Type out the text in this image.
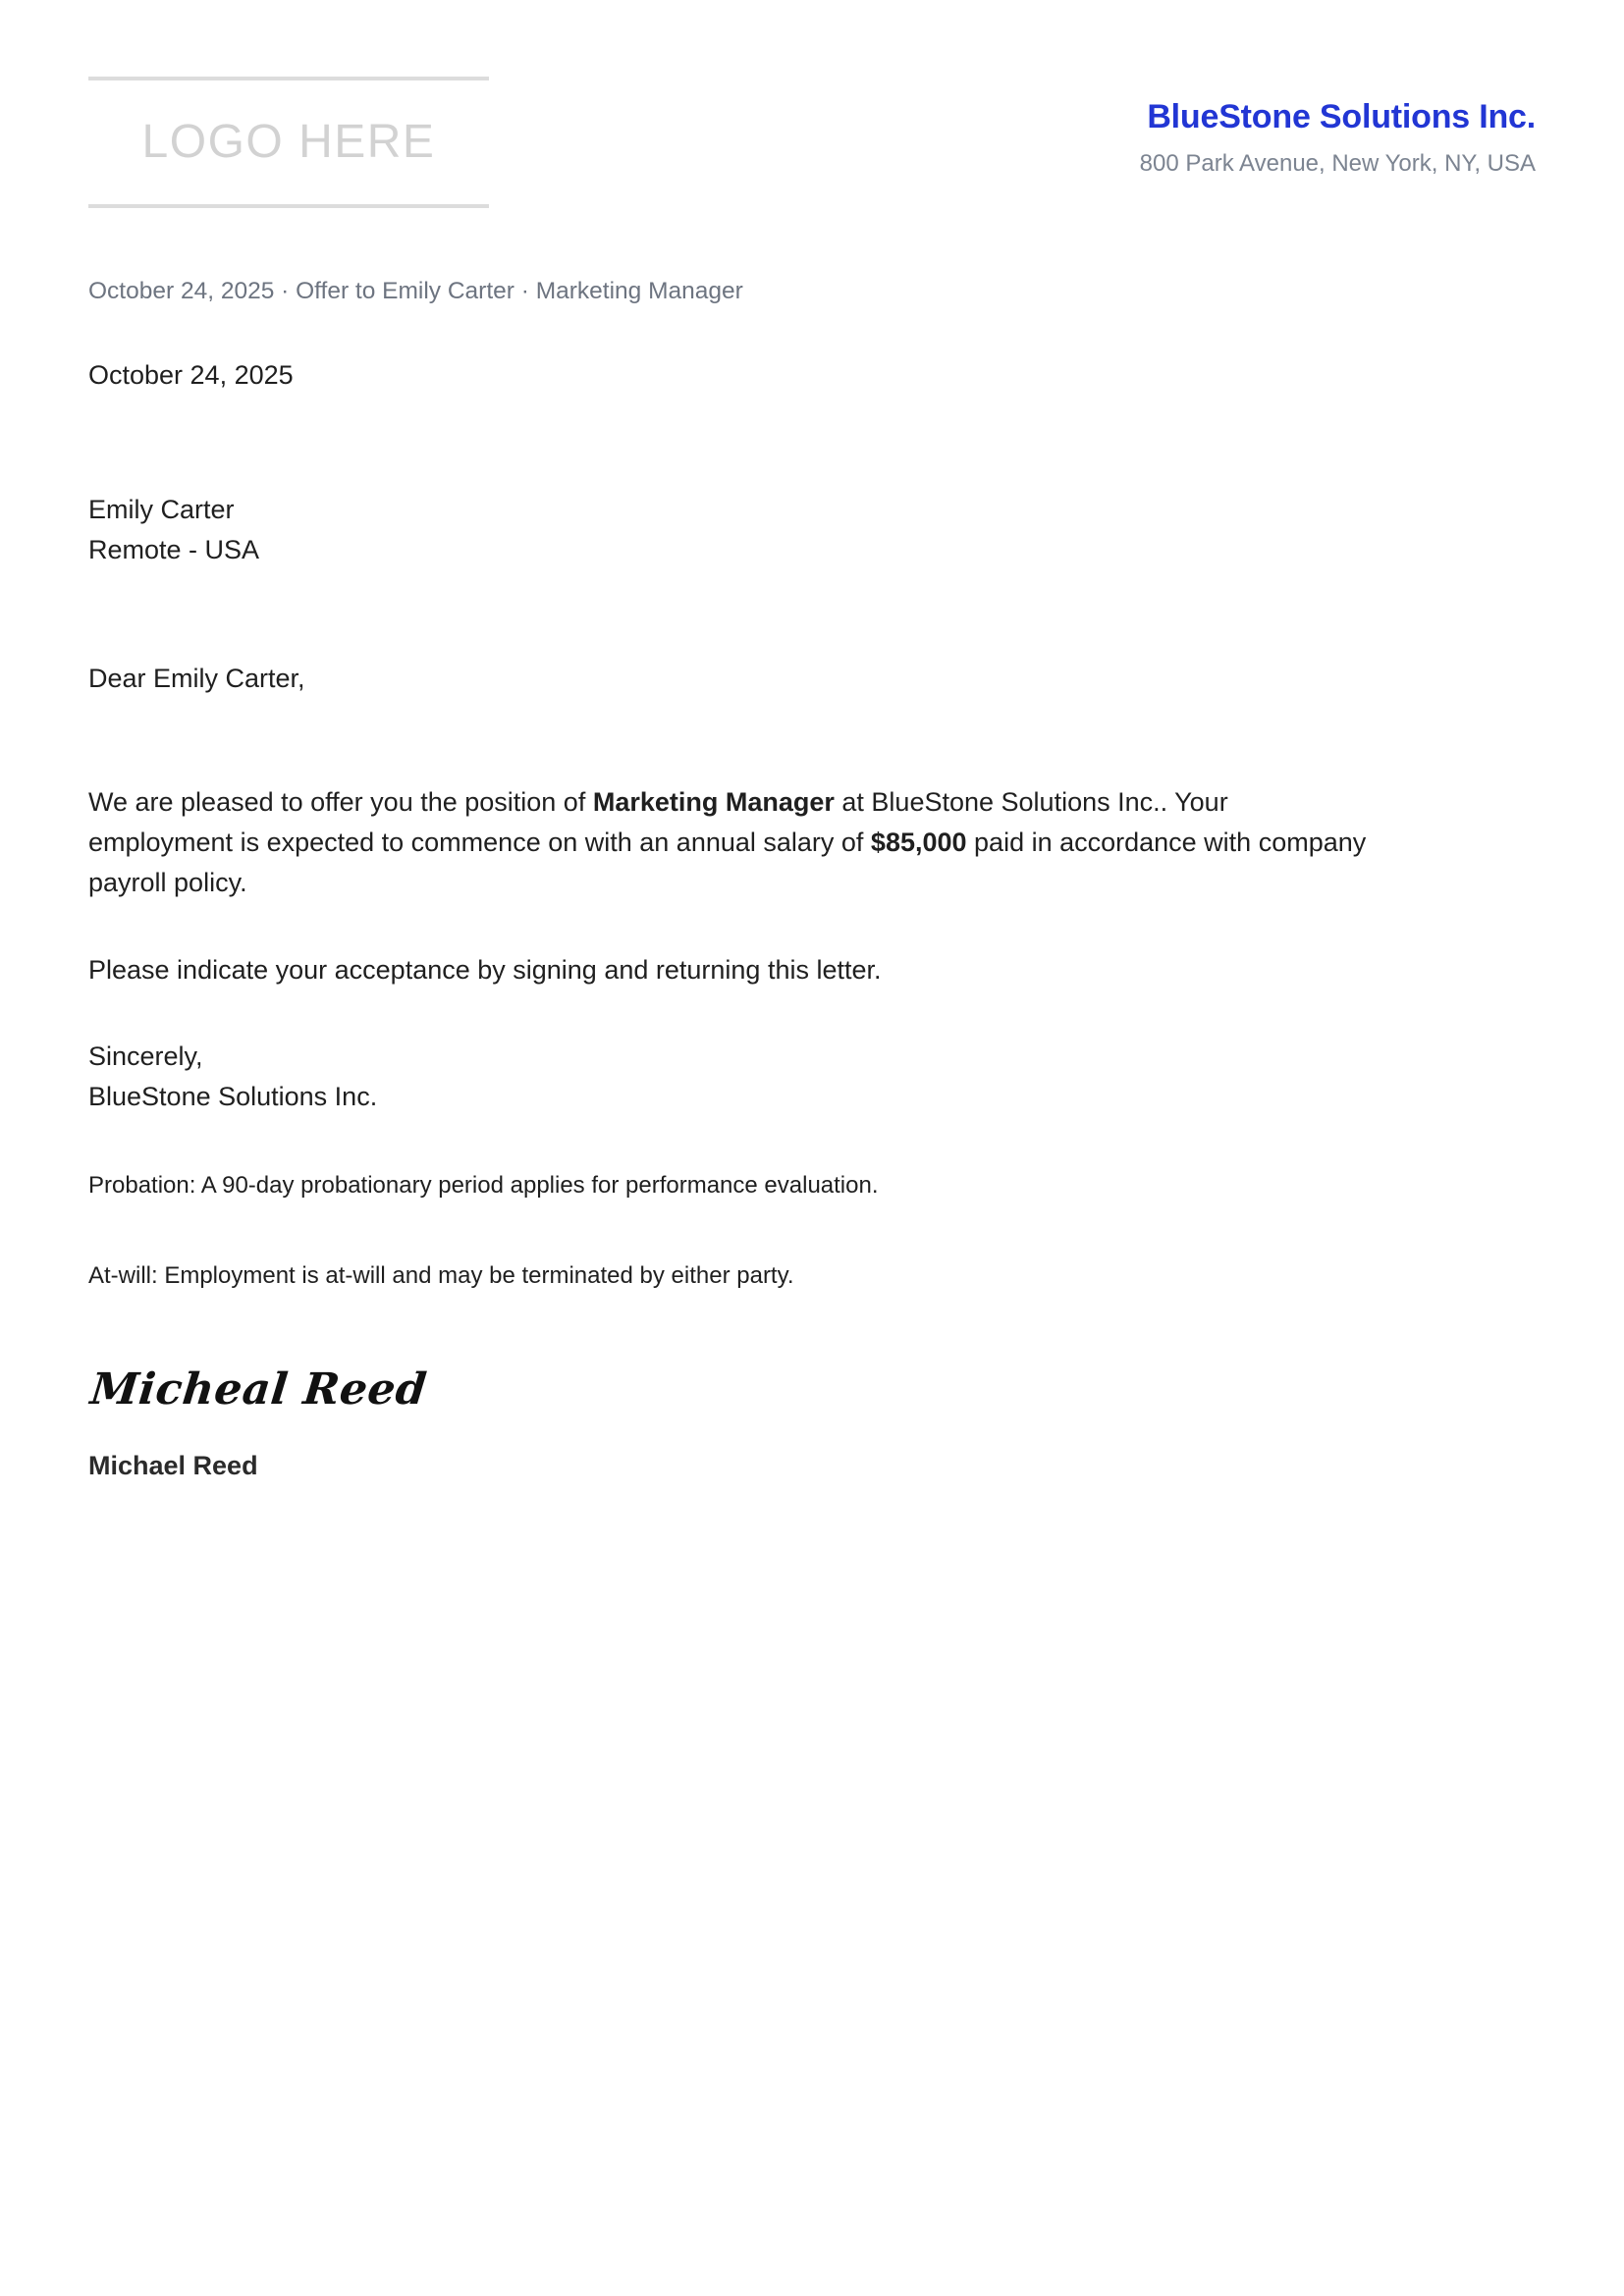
LOGO HERE	BlueStone Solutions Inc.
800 Park Avenue, New York, NY, USA
October 24, 2025 · Offer to Emily Carter · Marketing Manager
October 24, 2025
Emily Carter
Remote - USA
Dear Emily Carter,

We are pleased to offer you the position of Marketing Manager at BlueStone Solutions Inc.. Your employment is expected to commence on with an annual salary of $85,000 paid in accordance with company payroll policy.

Please indicate your acceptance by signing and returning this letter.

Sincerely,
BlueStone Solutions Inc.

Probation: A 90-day probationary period applies for performance evaluation.

At-will: Employment is at-will and may be terminated by either party.

Micheal Reed
Michael Reed
